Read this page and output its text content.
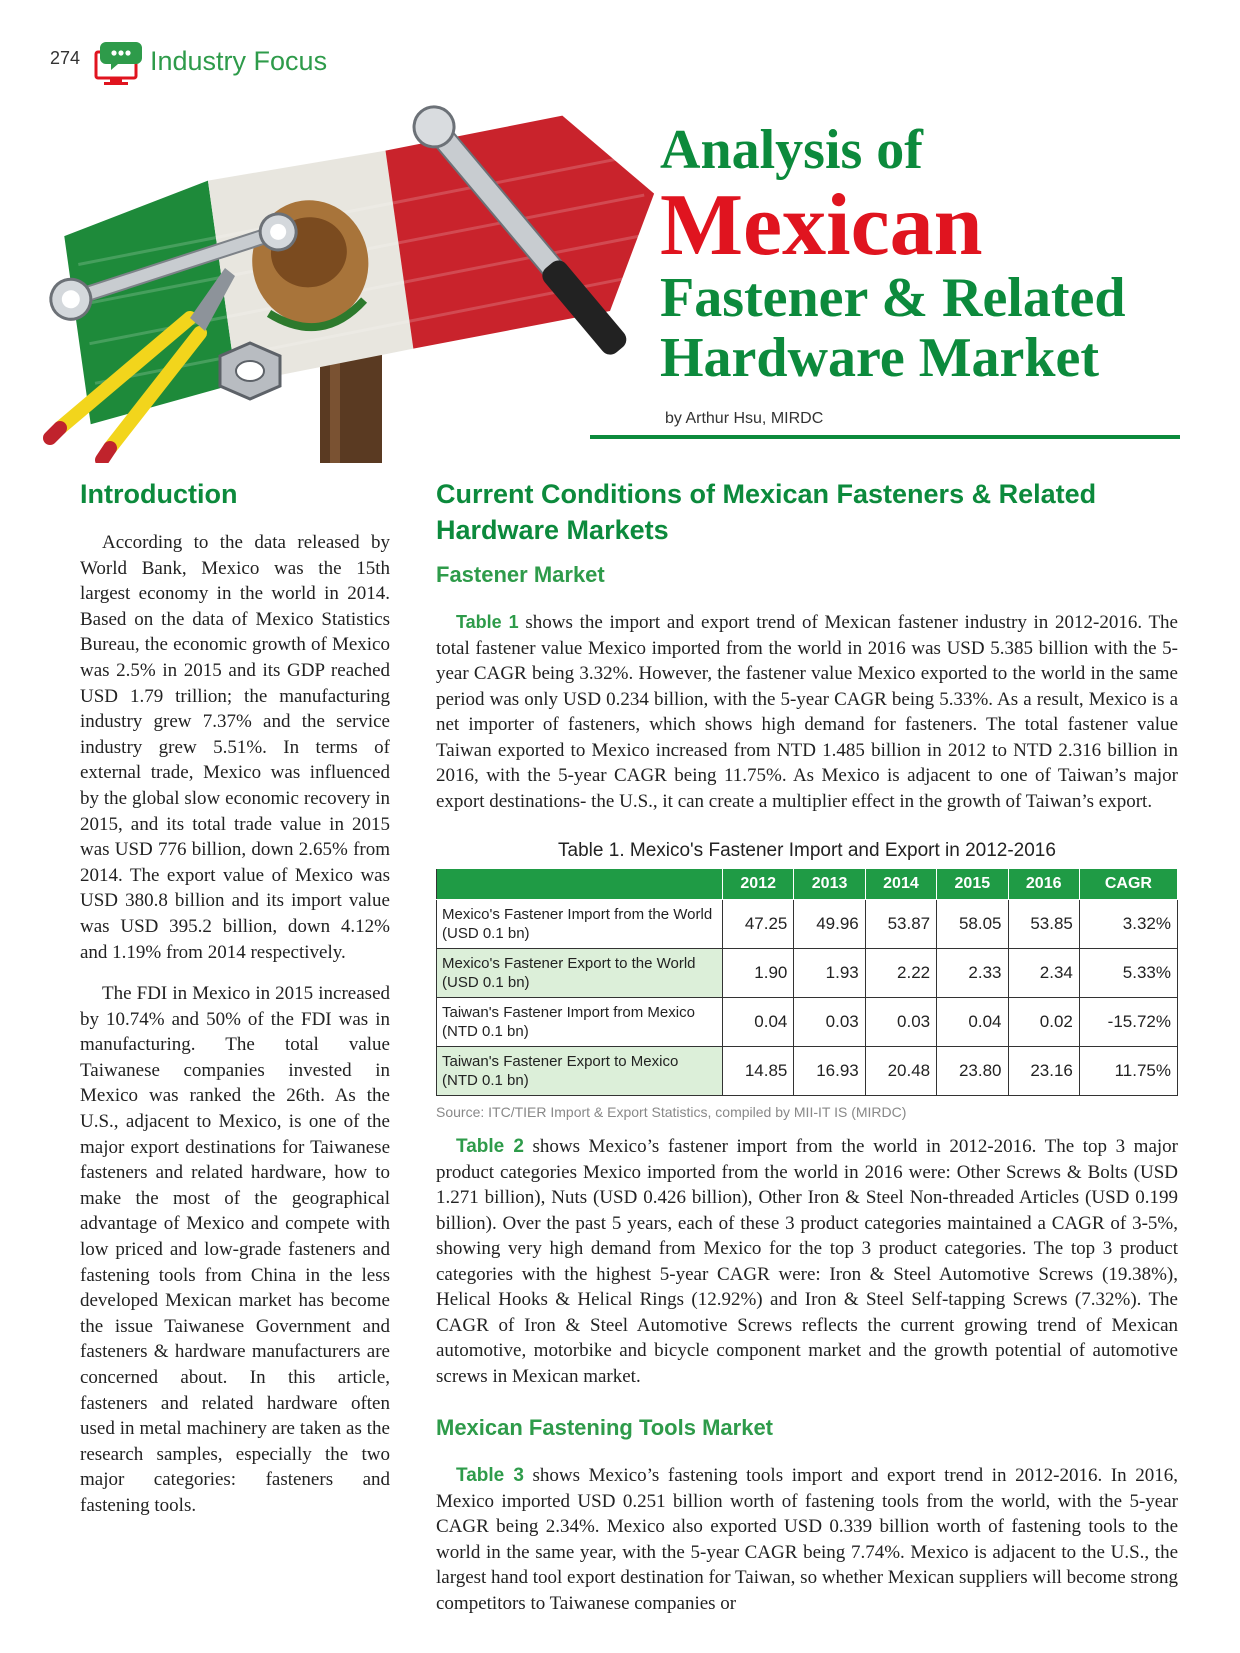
274	Industry Focus
Analysis of
Mexican
Fastener & Related
Hardware Market
by Arthur Hsu, MIRDC
Introduction

According to the data released by World Bank, Mexico was the 15th largest economy in the world in 2014. Based on the data of Mexico Statistics Bureau, the economic growth of Mexico was 2.5% in 2015 and its GDP reached USD 1.79 trillion; the manufacturing industry grew 7.37% and the service industry grew 5.51%. In terms of external trade, Mexico was influenced by the global slow economic recovery in 2015, and its total trade value in 2015 was USD 776 billion, down 2.65% from 2014. The export value of Mexico was USD 380.8 billion and its import value was USD 395.2 billion, down 4.12% and 1.19% from 2014 respectively.

The FDI in Mexico in 2015 increased by 10.74% and 50% of the FDI was in manufacturing. The total value Taiwanese companies invested in Mexico was ranked the 26th. As the U.S., adjacent to Mexico, is one of the major export destinations for Taiwanese fasteners and related hardware, how to make the most of the geographical advantage of Mexico and compete with low priced and low-grade fasteners and fastening tools from China in the less developed Mexican market has become the issue Taiwanese Government and fasteners & hardware manufacturers are concerned about. In this article, fasteners and related hardware often used in metal machinery are taken as the research samples, especially the two major categories: fasteners and fastening tools.

Current Conditions of Mexican Fasteners & Related Hardware Markets
Fastener Market

Table 1 shows the import and export trend of Mexican fastener industry in 2012-2016. The total fastener value Mexico imported from the world in 2016 was USD 5.385 billion with the 5-year CAGR being 3.32%. However, the fastener value Mexico exported to the world in the same period was only USD 0.234 billion, with the 5-year CAGR being 5.33%. As a result, Mexico is a net importer of fasteners, which shows high demand for fasteners. The total fastener value Taiwan exported to Mexico increased from NTD 1.485 billion in 2012 to NTD 2.316 billion in 2016, with the 5-year CAGR being 11.75%. As Mexico is adjacent to one of Taiwan’s major export destinations- the U.S., it can create a multiplier effect in the growth of Taiwan’s export.

Table 1. Mexico's Fastener Import and Export in 2012-2016
	2012	2013	2014	2015	2016	CAGR
Mexico's Fastener Import from the World (USD 0.1 bn)	47.25	49.96	53.87	58.05	53.85	3.32%
Mexico's Fastener Export to the World (USD 0.1 bn)	1.90	1.93	2.22	2.33	2.34	5.33%
Taiwan's Fastener Import from Mexico (NTD 0.1 bn)	0.04	0.03	0.03	0.04	0.02	-15.72%
Taiwan's Fastener Export to Mexico (NTD 0.1 bn)	14.85	16.93	20.48	23.80	23.16	11.75%
Source: ITC/TIER Import & Export Statistics, compiled by MII-IT IS (MIRDC)

Table 2 shows Mexico’s fastener import from the world in 2012-2016. The top 3 major product categories Mexico imported from the world in 2016 were: Other Screws & Bolts (USD 1.271 billion), Nuts (USD 0.426 billion), Other Iron & Steel Non-threaded Articles (USD 0.199 billion). Over the past 5 years, each of these 3 product categories maintained a CAGR of 3-5%, showing very high demand from Mexico for the top 3 product categories. The top 3 product categories with the highest 5-year CAGR were: Iron & Steel Automotive Screws (19.38%), Helical Hooks & Helical Rings (12.92%) and Iron & Steel Self-tapping Screws (7.32%). The CAGR of Iron & Steel Automotive Screws reflects the current growing trend of Mexican automotive, motorbike and bicycle component market and the growth potential of automotive screws in Mexican market.

Mexican Fastening Tools Market

Table 3 shows Mexico’s fastening tools import and export trend in 2012-2016. In 2016, Mexico imported USD 0.251 billion worth of fastening tools from the world, with the 5-year CAGR being 2.34%. Mexico also exported USD 0.339 billion worth of fastening tools to the world in the same year, with the 5-year CAGR being 7.74%. Mexico is adjacent to the U.S., the largest hand tool export destination for Taiwan, so whether Mexican suppliers will become strong competitors to Taiwanese companies or
